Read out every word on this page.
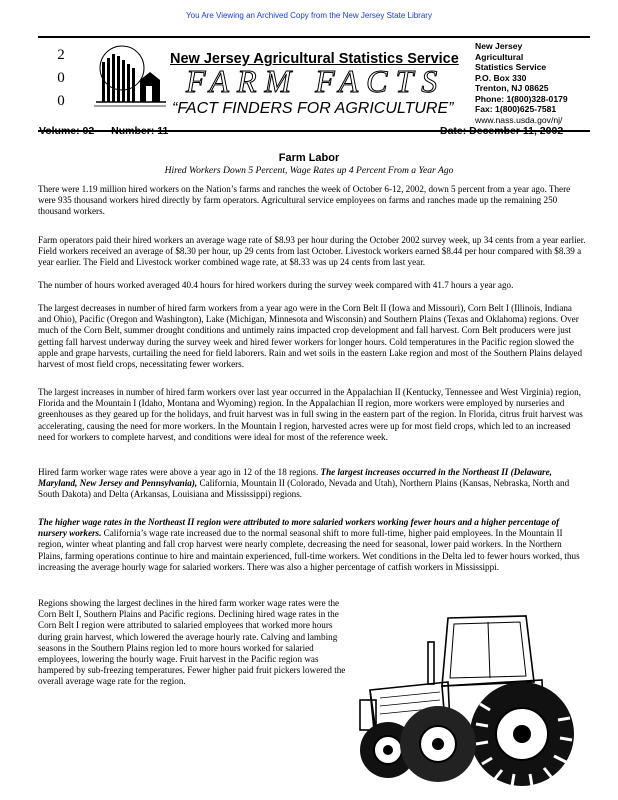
You Are Viewing an Archived Copy from the New Jersey State Library
2
0
0
New Jersey Agricultural Statistics Service
FARM FACTS
“FACT FINDERS FOR AGRICULTURE”
New Jersey
Agricultural
Statistics Service
P.O. Box 330
Trenton, NJ 08625
Phone: 1(800)328-0179
Fax: 1(800)625-7581
www.nass.usda.gov/nj/
Volume: 02 Number: 11	Date: December 11, 2002
Farm Labor
Hired Workers Down 5 Percent, Wage Rates up 4 Percent From a Year Ago

There were 1.19 million hired workers on the Nation’s farms and ranches the week of October 6-12, 2002, down 5 percent from a year ago. There were 935 thousand workers hired directly by farm operators. Agricultural service employees on farms and ranches made up the remaining 250 thousand workers.

Farm operators paid their hired workers an average wage rate of $8.93 per hour during the October 2002 survey week, up 34 cents from a year earlier. Field workers received an average of $8.30 per hour, up 29 cents from last October. Livestock workers earned $8.44 per hour compared with $8.39 a year earlier. The Field and Livestock worker combined wage rate, at $8.33 was up 24 cents from last year.

The number of hours worked averaged 40.4 hours for hired workers during the survey week compared with 41.7 hours a year ago.

The largest decreases in number of hired farm workers from a year ago were in the Corn Belt II (Iowa and Missouri), Corn Belt I (Illinois, Indiana and Ohio), Pacific (Oregon and Washington), Lake (Michigan, Minnesota and Wisconsin) and Southern Plains (Texas and Oklahoma) regions. Over much of the Corn Belt, summer drought conditions and untimely rains impacted crop development and fall harvest. Corn Belt producers were just getting fall harvest underway during the survey week and hired fewer workers for longer hours. Cold temperatures in the Pacific region slowed the apple and grape harvests, curtailing the need for field laborers. Rain and wet soils in the eastern Lake region and most of the Southern Plains delayed harvest of most field crops, necessitating fewer workers.

The largest increases in number of hired farm workers over last year occurred in the Appalachian II (Kentucky, Tennessee and West Virginia) region, Florida and the Mountain I (Idaho, Montana and Wyoming) region. In the Appalachian II region, more workers were employed by nurseries and greenhouses as they geared up for the holidays, and fruit harvest was in full swing in the eastern part of the region. In Florida, citrus fruit harvest was accelerating, causing the need for more workers. In the Mountain I region, harvested acres were up for most field crops, which led to an increased need for workers to complete harvest, and conditions were ideal for most of the reference week.

Hired farm worker wage rates were above a year ago in 12 of the 18 regions. The largest increases occurred in the Northeast II (Delaware, Maryland, New Jersey and Pennsylvania), California, Mountain II (Colorado, Nevada and Utah), Northern Plains (Kansas, Nebraska, North and South Dakota) and Delta (Arkansas, Louisiana and Mississippi) regions.

The higher wage rates in the Northeast II region were attributed to more salaried workers working fewer hours and a higher percentage of nursery workers. California’s wage rate increased due to the normal seasonal shift to more full-time, higher paid employees. In the Mountain II region, winter wheat planting and fall crop harvest were nearly complete, decreasing the need for seasonal, lower paid workers. In the Northern Plains, farming operations continue to hire and maintain experienced, full-time workers. Wet conditions in the Delta led to fewer hours worked, thus increasing the average hourly wage for salaried workers. There was also a higher percentage of catfish workers in Mississippi.

Regions showing the largest declines in the hired farm worker wage rates were the Corn Belt I, Southern Plains and Pacific regions. Declining hired wage rates in the Corn Belt I region were attributed to salaried employees that worked more hours during grain harvest, which lowered the average hourly rate. Calving and lambing seasons in the Southern Plains region led to more hours worked for salaried employees, lowering the hourly wage. Fruit harvest in the Pacific region was hampered by sub-freezing temperatures. Fewer higher paid fruit pickers lowered the overall average wage rate for the region.
